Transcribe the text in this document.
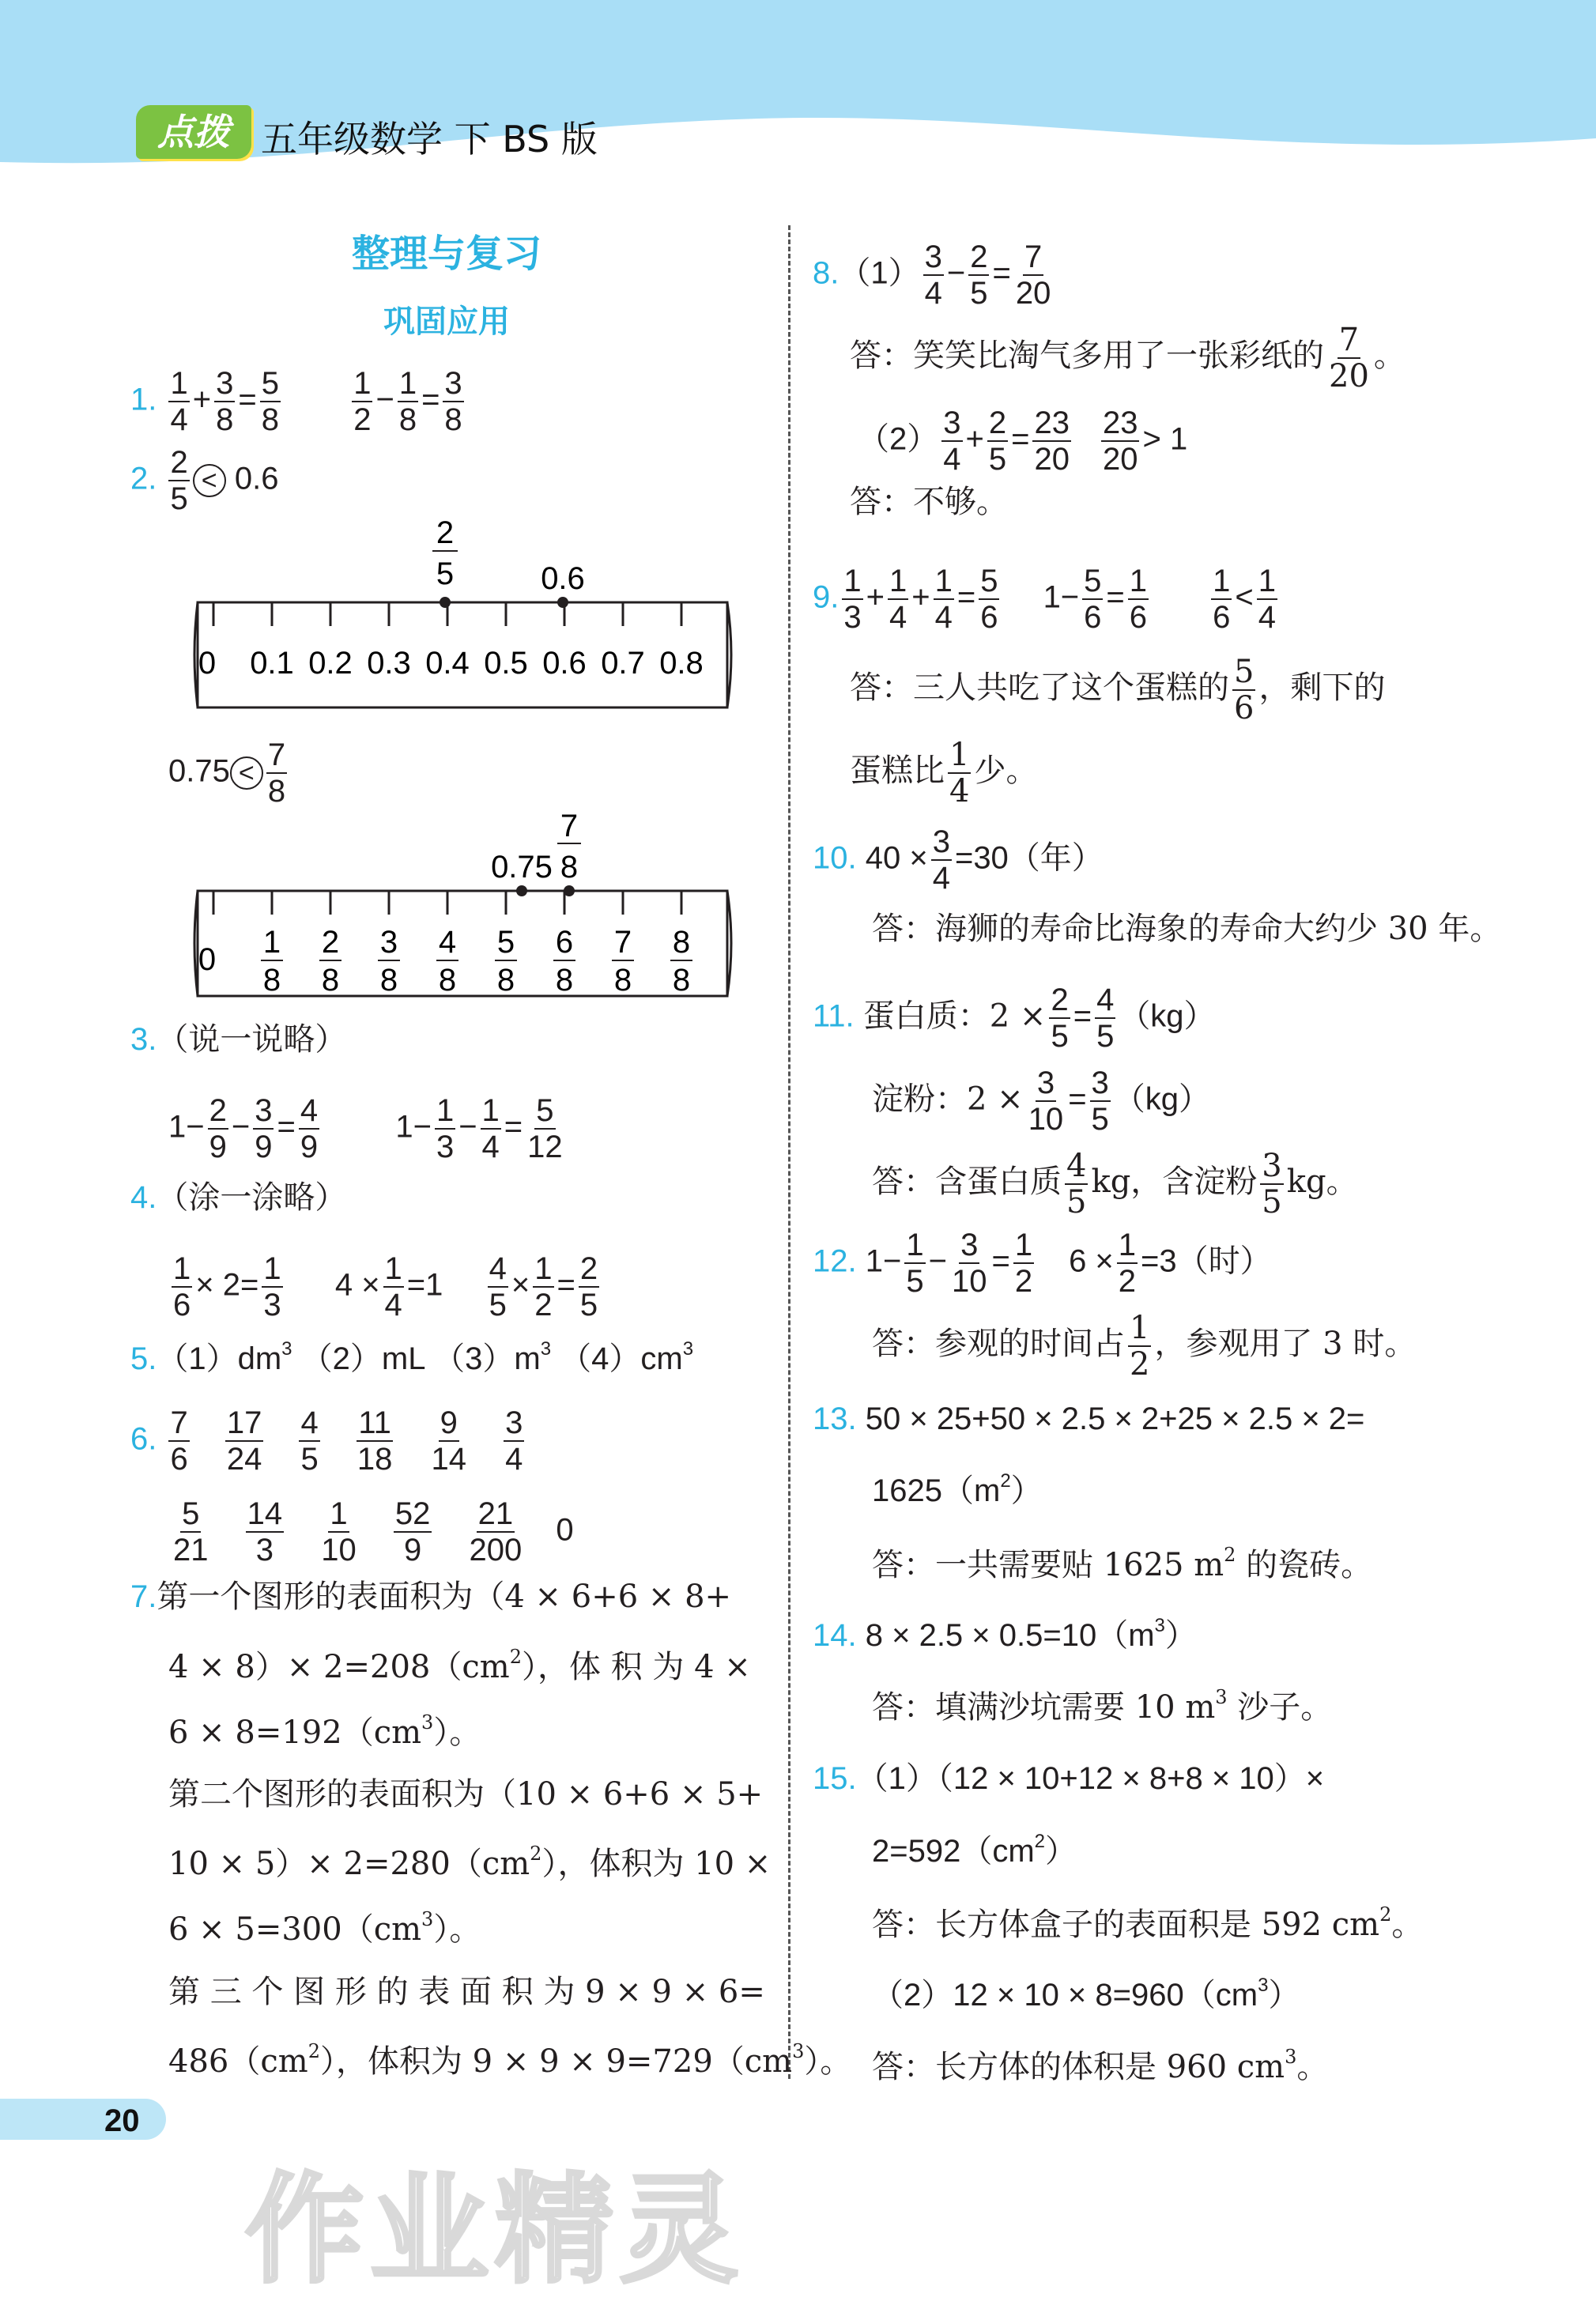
点拨 五年级数学 下 BS 版
整理与复习
巩固应用
1. $\frac{1}{4} + \frac{3}{8} = \frac{5}{8}$
$\frac{1}{2} - \frac{1}{8} = \frac{3}{8}$
2. $\frac{2}{5} < 0.6$
2
5	0.6
0 0.1 0.2 0.3 0.4 0.5 0.6 0.7 0.8
$0.75 < \frac{7}{8}$
7
8
0.75
0 1
8
2
8
3
8
4
8
5
8
6
8
7
8
8
8
3.（说一说略）
$1- \frac{2}{9} - \frac{3}{9} = \frac{4}{9} 1- \frac{1}{3} - \frac{1}{4} = \frac{5}{12}$
4.（涂一涂略）
$\frac{1}{6} \times 2= \frac{1}{3} 4 \times \frac{1}{4} =1 \frac{4}{5} \times \frac{1}{2} = \frac{2}{5}$
$5.(1)dm^3$ （2）mL $(3)m^3$ $(4)cm^3$
6. $\frac{7}{6}$
$\frac{17}{24}$
$\frac{4}{5}$
$\frac{11}{18}$
$\frac{9}{14}$
$\frac{3}{4}$
$\frac{5}{21}$
$\frac{14}{3}$
$\frac{1}{10}$
$\frac{52}{9}$
$\frac{21}{200} 0$
7.第一个图形的表面积为（4 × 6+6 × 8+
$4 \times 8)\times 2=208(cm^2)$，体 积 为 4 ×
$6 \times 8=192(cm^3)$。
第二个图形的表面积为（10 × 6+6 × 5+
$10 \times 5)\times 2=280(cm^2)$，体积为 10 ×
$6 \times 5=300(cm^3)$。
第 三 个 图 形 的 表 面 积 为 9 × 9 × 6=
$486(cm^2)$，体积为 $9 \times 9 \times 9=729(cm^3)$。
$8.(1) \frac{3}{4} - \frac{2}{5} = \frac{7}{20}$
答：笑笑比淘气多用了一张彩纸的 $\frac{7}{20}$ 。
$(2) \frac{3}{4} + \frac{2}{5} = \frac{23}{20} \frac{23}{20} > 1$
答：不够。
9. $\frac{1}{3} + \frac{1}{4} + \frac{1}{4} = \frac{5}{6} 1- \frac{5}{6} = \frac{1}{6}$
$\frac{1}{6} < \frac{1}{4}$
答：三人共吃了这个蛋糕的 $\frac{5}{6}$ ，剩下的
蛋糕比 $\frac{1}{4}$ 少。
10. $40 \times \frac{3}{4} =30$（年）
答：海狮的寿命比海象的寿命大约少 30 年。
11. 蛋白质：$2 \times \frac{2}{5} = \frac{4}{5} (kg)$
淀粉：$2 \times \frac{3}{10} = \frac{3}{5} (kg)$
答：含蛋白质 $\frac{4}{5}$ kg，含淀粉 $\frac{3}{5}$ kg。
12. $1- \frac{1}{5} - \frac{3}{10} = \frac{1}{2} 6 \times \frac{1}{2} =3$（时）
答：参观的时间占 $\frac{1}{2}$ ，参观用了 3 时。
13. 50 × 25+50 × 2.5 × 2+25 × 2.5 × 2=
$1625(m^2)$
答：一共需要贴 1625 $m^2$ 的瓷砖。
14. $8 \times 2.5 \times 0.5=10(m^3)$
答：填满沙坑需要 10 $m^3$ 沙子。
15.（1）（12 × 10+12 × 8+8 × 10）×
$2=592(cm^2)$
答：长方体盒子的表面积是 592 $cm^2$。
$(2)12 \times 10 \times 8=960(cm^3)$
答：长方体的体积是 960 $cm^3$。
20
作业精灵
